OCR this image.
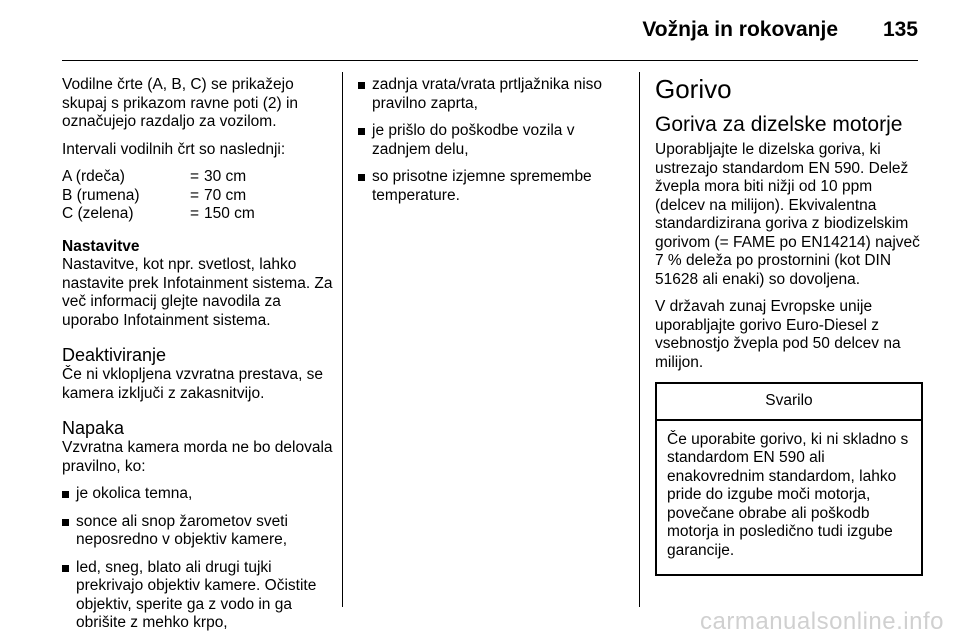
Vožnja in rokovanje 135

Vodilne črte (A, B, C) se prikažejo skupaj s prikazom ravne poti (2) in označujejo razdaljo za vozilom.

Intervali vodilnih črt so naslednji:

A (rdeča)	= 30 cm
B (rumena)	= 70 cm
C (zelena)	= 150 cm
Nastavitve

Nastavitve, kot npr. svetlost, lahko nastavite prek Infotainment sistema. Za več informacij glejte navodila za uporabo Infotainment sistema.

Deaktiviranje

Če ni vklopljena vzvratna prestava, se kamera izklјuči z zakasnitvijo.

Napaka

Vzvratna kamera morda ne bo delovala pravilno, ko:

je okolica temna,
sonce ali snop žarometov sveti neposredno v objektiv kamere,
led, sneg, blato ali drugi tujki prekrivajo objektiv kamere. Očistite objektiv, sperite ga z vodo in ga obrišite z mehko krpo,
zadnja vrata/vrata prtljažnika niso pravilno zaprta,
je prišlo do poškodbe vozila v zadnjem delu,
so prisotne izjemne spremembe temperature.
Gorivo
Goriva za dizelske motorje

Uporabljajte le dizelska goriva, ki ustrezajo standardom EN 590. Delež žvepla mora biti nižji od 10 ppm (delcev na milijon). Ekvivalentna standardizirana goriva z biodizelskim gorivom (= FAME po EN14214) največ 7 % deleža po prostornini (kot DIN 51628 ali enaki) so dovoljena.

V državah zunaj Evropske unije uporabljajte gorivo Euro-Diesel z vsebnostjo žvepla pod 50 delcev na milijon.

Svarilo
Če uporabite gorivo, ki ni skladno s standardom EN 590 ali enakovrednim standardom, lahko pride do izgube moči motorja, povečane obrabe ali poškodb motorja in posledično tudi izgube garancije.
carmanualsonline.info
